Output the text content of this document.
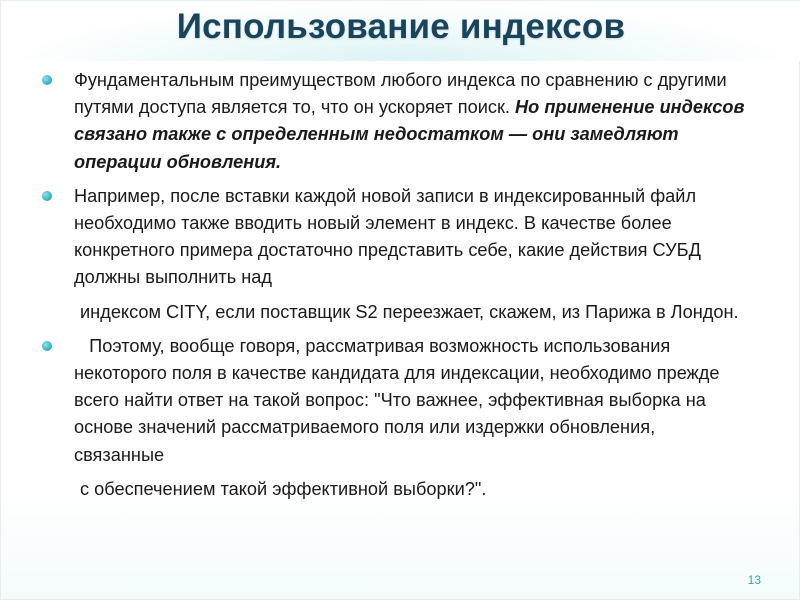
Использование индексов
Фундаментальным преимуществом любого индекса по сравнению с другими путями доступа является то, что он ускоряет поиск. Но применение индексов связано также с определенным недостатком — они замедляют операции обновления.
Например, после вставки каждой новой записи в индексированный файл необходимо также вводить новый элемент в индекс. В качестве более конкретного примера достаточно представить себе, какие действия СУБД должны выполнить над
индексом CITY, если поставщик S2 переезжает, скажем, из Парижа в Лондон.
Поэтому, вообще говоря, рассматривая возможность использования некоторого поля в качестве кандидата для индексации, необходимо прежде всего найти ответ на такой вопрос: "Что важнее, эффективная выборка на основе значений рассматриваемого поля или издержки обновления, связанные
с обеспечением такой эффективной выборки?".
13
